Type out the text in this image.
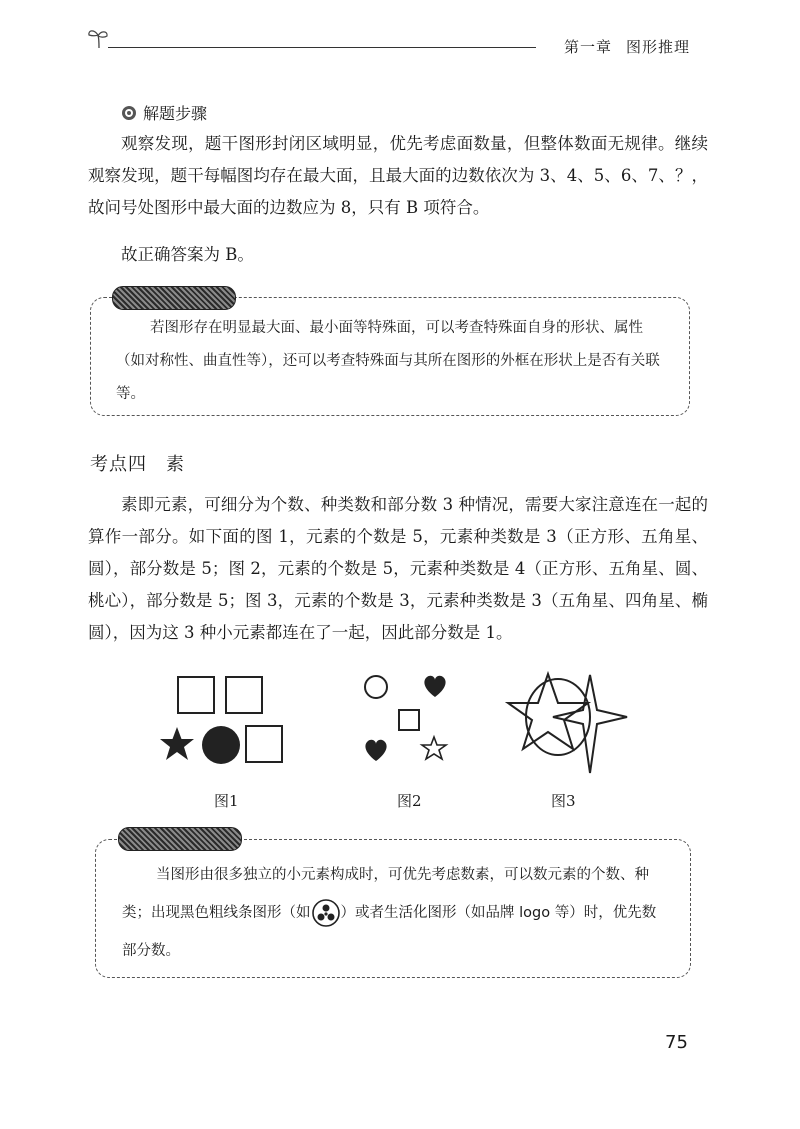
第一章 图形推理
解题步骤

观察发现，题干图形封闭区域明显，优先考虑面数量，但整体数面无规律。继续观察发现，题干每幅图均存在最大面，且最大面的边数依次为 3、4、5、6、7、？，故问号处图形中最大面的边数应为 8，只有 B 项符合。

故正确答案为 B。

若图形存在明显最大面、最小面等特殊面，可以考查特殊面自身的形状、属性（如对称性、曲直性等），还可以考查特殊面与其所在图形的外框在形状上是否有关联等。

考点四　素

素即元素，可细分为个数、种类数和部分数 3 种情况，需要大家注意连在一起的算作一部分。如下面的图 1，元素的个数是 5，元素种类数是 3（正方形、五角星、圆），部分数是 5；图 2，元素的个数是 5，元素种类数是 4（正方形、五角星、圆、桃心），部分数是 5；图 3，元素的个数是 3，元素种类数是 3（五角星、四角星、椭圆），因为这 3 种小元素都连在了一起，因此部分数是 1。

图1	图2	图3

当图形由很多独立的小元素构成时，可优先考虑数素，可以数元素的个数、种类；出现黑色粗线条图形（如 ）或者生活化图形（如品牌 logo 等）时，优先数部分数。

75
